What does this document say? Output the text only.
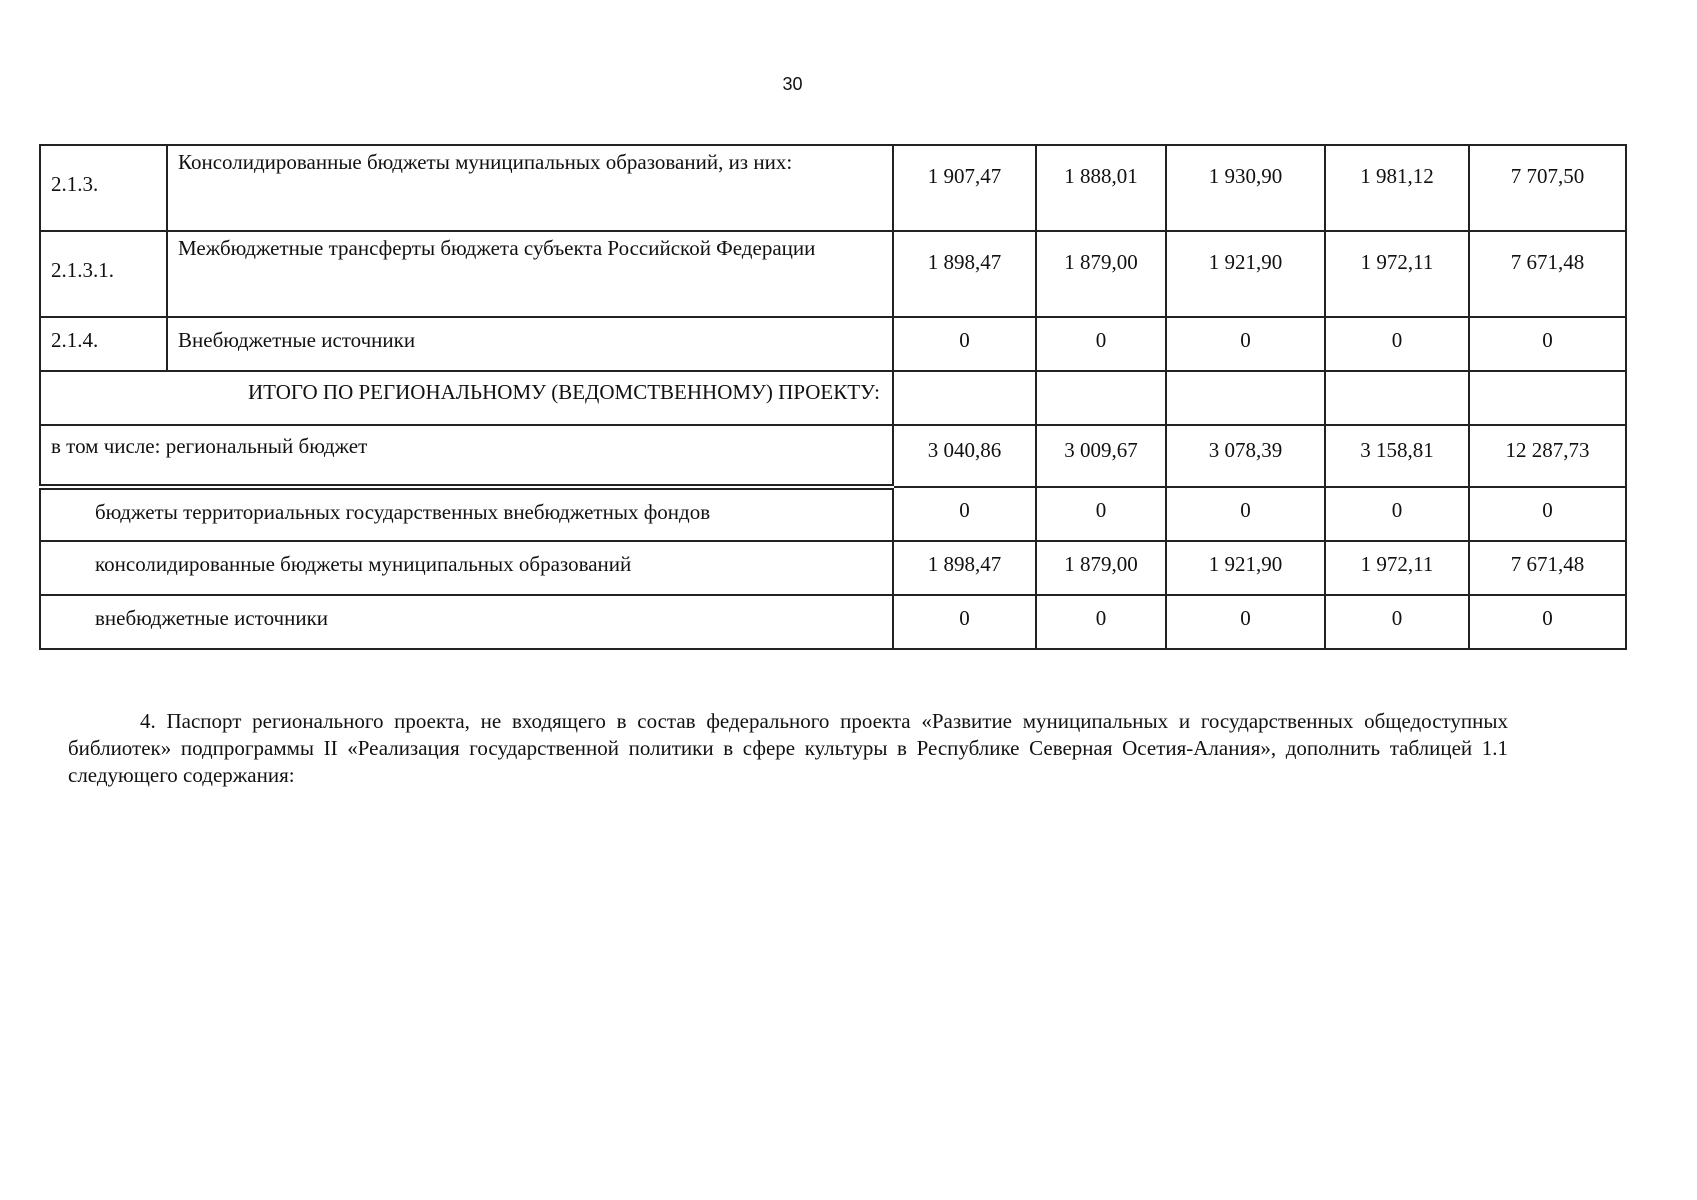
30
2.1.3.	Консолидированные бюджеты муниципальных образований, из них:	1 907,47	1 888,01	1 930,90	1 981,12	7 707,50
2.1.3.1.	Межбюджетные трансферты бюджета субъекта Российской Федерации	1 898,47	1 879,00	1 921,90	1 972,11	7 671,48
2.1.4.	Внебюджетные источники	0	0	0	0	0
ИТОГО ПО РЕГИОНАЛЬНОМУ (ВЕДОМСТВЕННОМУ) ПРОЕКТУ:						
в том числе: региональный бюджет		3 040,86	3 009,67	3 078,39	3 158,81	12 287,73
бюджеты территориальных государственных внебюджетных фондов		0	0	0	0	0
консолидированные бюджеты муниципальных образований		1 898,47	1 879,00	1 921,90	1 972,11	7 671,48
внебюджетные источники		0	0	0	0	0
4. Паспорт регионального проекта, не входящего в состав федерального проекта «Развитие муниципальных и государственных общедоступных библиотек» подпрограммы II «Реализация государственной политики в сфере культуры в Республике Северная Осетия-Алания», дополнить таблицей 1.1 следующего содержания:
